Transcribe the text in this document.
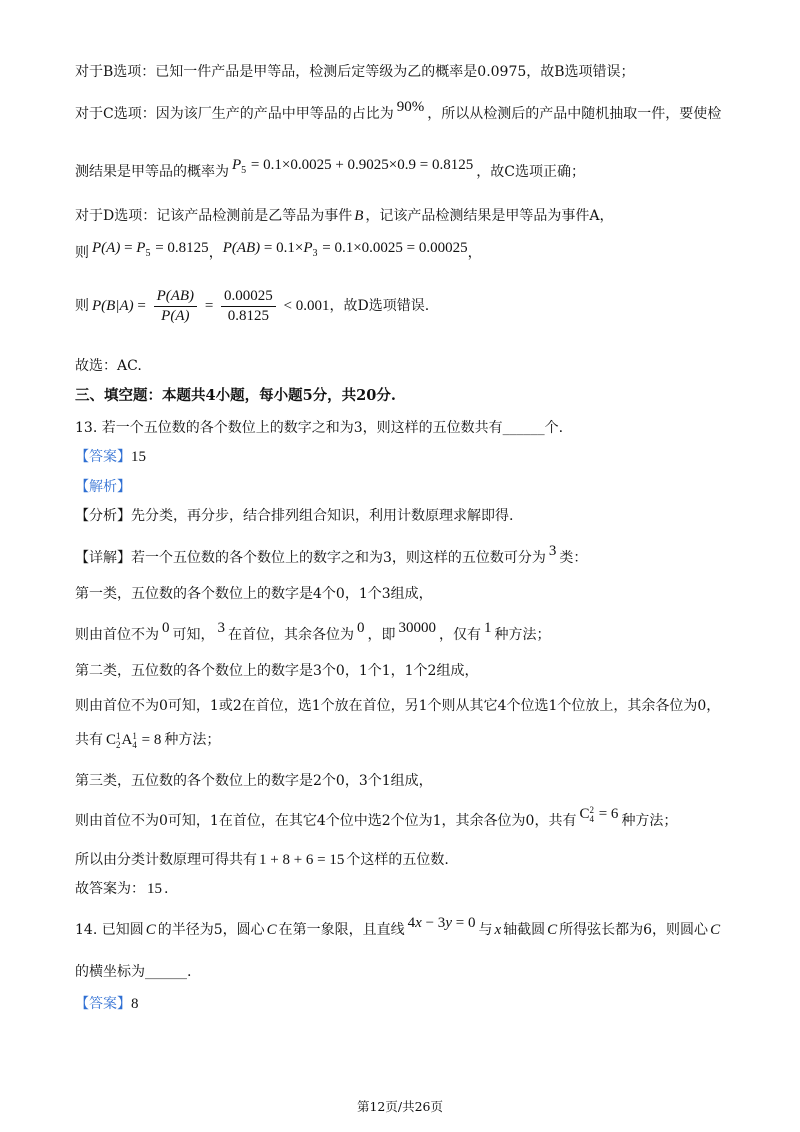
对于B选项：已知一件产品是甲等品，检测后定等级为乙的概率是0.0975，故B选项错误；
对于C选项：因为该厂生产的产品中甲等品的占比为 90% ，所以从检测后的产品中随机抽取一件，要使检
测结果是甲等品的概率为 $P_5 = 0.1\times 0.0025 + 0.9025\times 0.9 = 0.8125$ ，故C选项正确；
对于D选项：记该产品检测前是乙等品为事件 B ，记该产品检测结果是甲等品为事件A，
则 $P(A) = P_5 = 0.8125$，$P(AB) = 0.1\times P_3 = 0.1\times 0.0025 = 0.00025$，
则 $P(B|A) = \frac{P(AB)}{P(A)} = \frac{0.00025}{0.8125} < 0.001$，故D选项错误.
故选：AC.
三、填空题：本题共4小题，每小题5分，共20分.
13. 若一个五位数的各个数位上的数字之和为3，则这样的五位数共有______个.
【答案】15
【解析】
【分析】先分类，再分步，结合排列组合知识，利用计数原理求解即得.
【详解】若一个五位数的各个数位上的数字之和为3，则这样的五位数可分为 3 类：
第一类，五位数的各个数位上的数字是4个0，1个3组成，
则由首位不为 0 可知， 3 在首位，其余各位为 0 ，即 30000 ，仅有 1 种方法；
第二类，五位数的各个数位上的数字是3个0，1个1，1个2组成，
则由首位不为0可知，1或2在首位，选1个放在首位，另1个则从其它4个位选1个位放上，其余各位为0，
共有 C 1
2 A 1
4 = 8 种方法；
第三类，五位数的各个数位上的数字是2个0，3个1组成，
则由首位不为0可知，1在首位，在其它4个位中选2个位为1，其余各位为0，共有 C 2
4 = 6 种方法；
所以由分类计数原理可得共有 1 + 8 + 6 = 15 个这样的五位数.
故答案为： 15 .
14. 已知圆 C 的半径为5，圆心 C 在第一象限，且直线 4x − 3y = 0 与 x 轴截圆 C 所得弦长都为6，则圆心 C
的横坐标为______.
【答案】8
第12页/共26页
